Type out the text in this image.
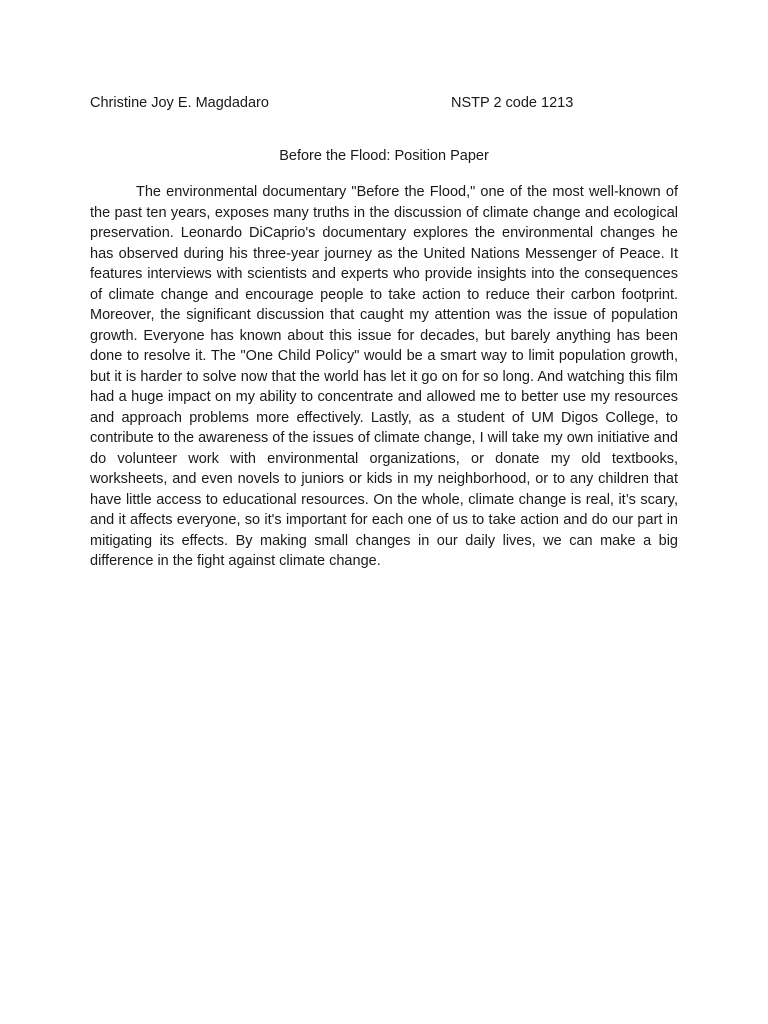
Christine Joy E. Magdadaro	NSTP 2 code 1213
Before the Flood: Position Paper

The environmental documentary "Before the Flood," one of the most well-known of the past ten years, exposes many truths in the discussion of climate change and ecological preservation. Leonardo DiCaprio's documentary explores the environmental changes he has observed during his three-year journey as the United Nations Messenger of Peace. It features interviews with scientists and experts who provide insights into the consequences of climate change and encourage people to take action to reduce their carbon footprint. Moreover, the significant discussion that caught my attention was the issue of population growth. Everyone has known about this issue for decades, but barely anything has been done to resolve it. The "One Child Policy" would be a smart way to limit population growth, but it is harder to solve now that the world has let it go on for so long. And watching this film had a huge impact on my ability to concentrate and allowed me to better use my resources and approach problems more effectively. Lastly, as a student of UM Digos College, to contribute to the awareness of the issues of climate change, I will take my own initiative and do volunteer work with environmental organizations, or donate my old textbooks, worksheets, and even novels to juniors or kids in my neighborhood, or to any children that have little access to educational resources. On the whole, climate change is real, it’s scary, and it affects everyone, so it's important for each one of us to take action and do our part in mitigating its effects. By making small changes in our daily lives, we can make a big difference in the fight against climate change.
